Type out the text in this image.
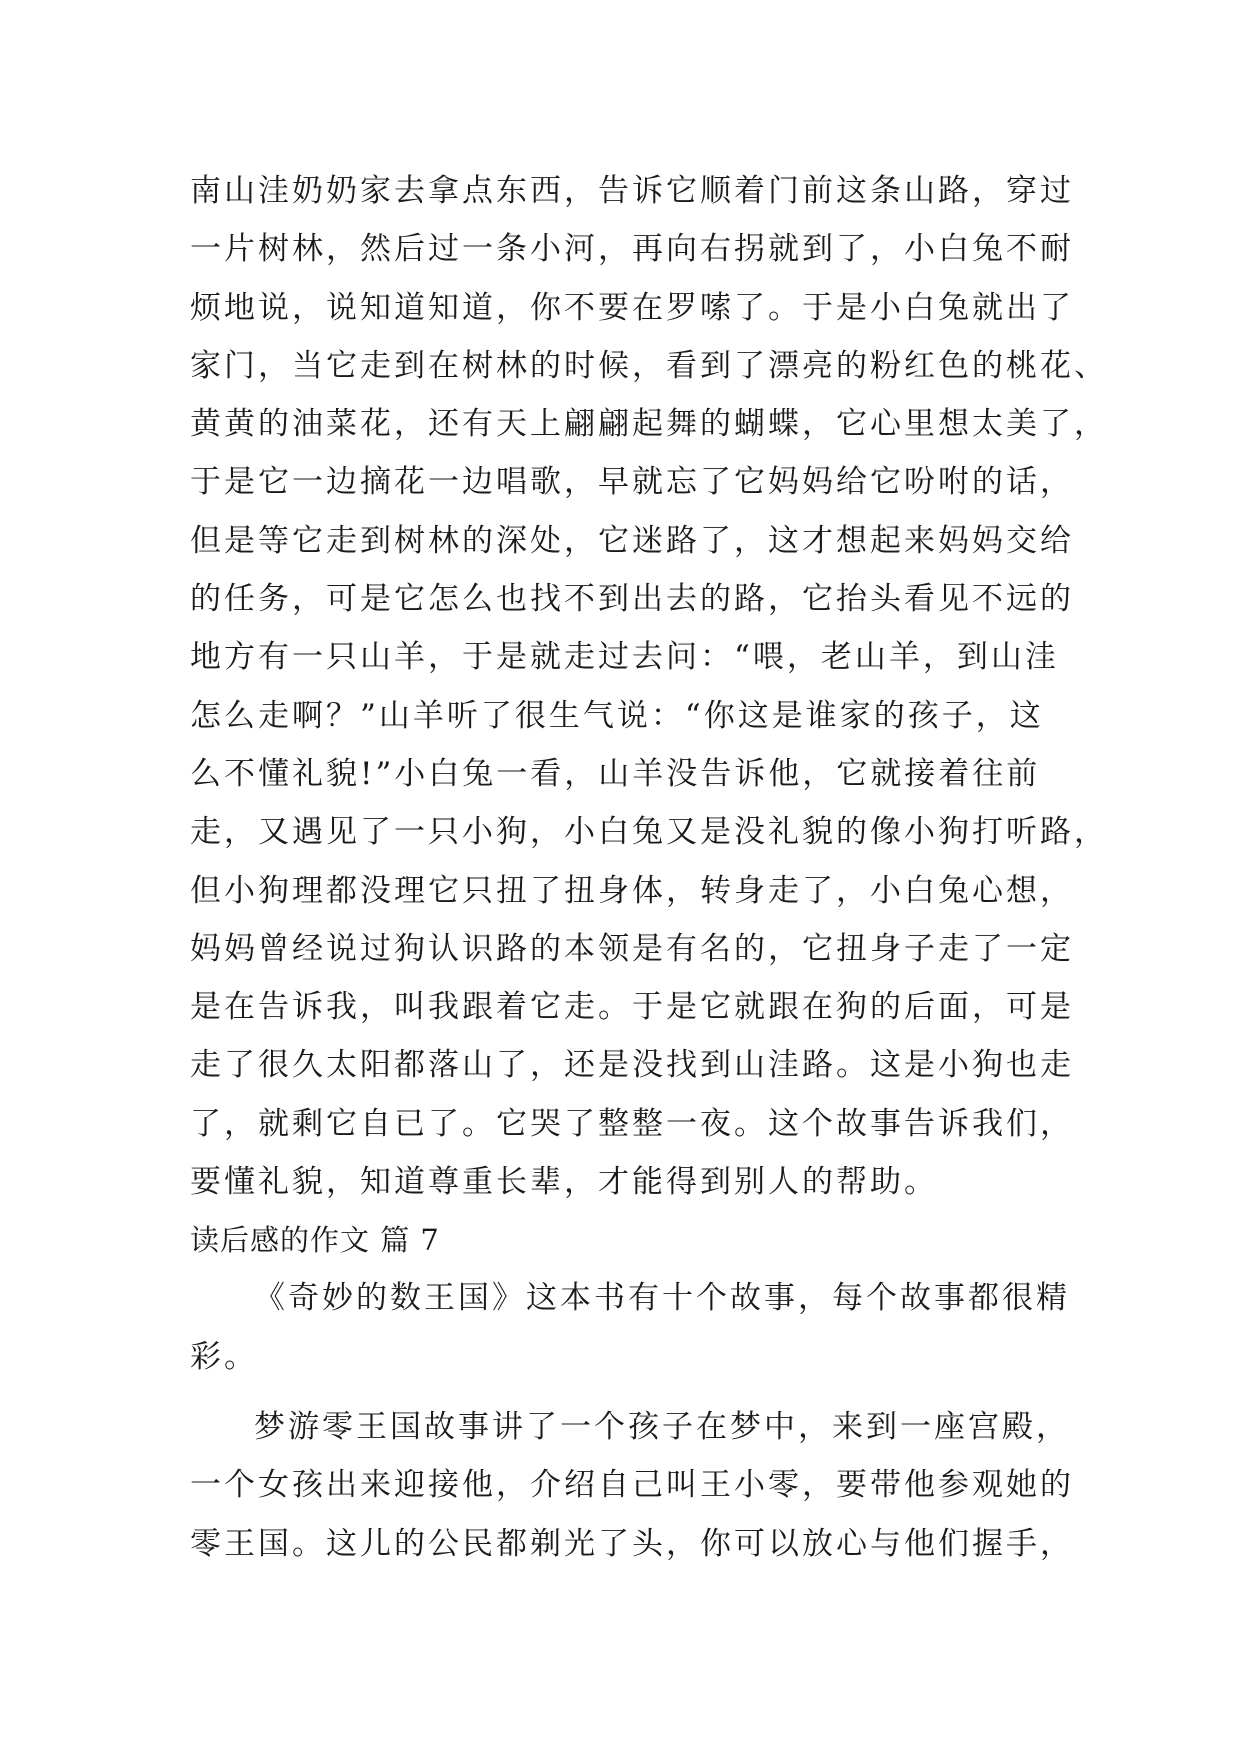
南山洼奶奶家去拿点东西，告诉它顺着门前这条山路，穿过
一片树林，然后过一条小河，再向右拐就到了，小白兔不耐
烦地说，说知道知道，你不要在罗嗦了。于是小白兔就出了
家门，当它走到在树林的时候，看到了漂亮的粉红色的桃花、
黄黄的油菜花，还有天上翩翩起舞的蝴蝶，它心里想太美了，
于是它一边摘花一边唱歌，早就忘了它妈妈给它吩咐的话，
但是等它走到树林的深处，它迷路了，这才想起来妈妈交给
的任务，可是它怎么也找不到出去的路，它抬头看见不远的
地方有一只山羊，于是就走过去问：“喂，老山羊，到山洼
怎么走啊？”山羊听了很生气说：“你这是谁家的孩子，这
么不懂礼貌!”小白兔一看，山羊没告诉他，它就接着往前
走，又遇见了一只小狗，小白兔又是没礼貌的像小狗打听路，
但小狗理都没理它只扭了扭身体，转身走了，小白兔心想，
妈妈曾经说过狗认识路的本领是有名的，它扭身子走了一定
是在告诉我，叫我跟着它走。于是它就跟在狗的后面，可是
走了很久太阳都落山了，还是没找到山洼路。这是小狗也走
了，就剩它自已了。它哭了整整一夜。这个故事告诉我们，
要懂礼貌，知道尊重长辈，才能得到别人的帮助。
读后感的作文 篇 7
《奇妙的数王国》这本书有十个故事，每个故事都很精
彩。
梦游零王国故事讲了一个孩子在梦中，来到一座宫殿，
一个女孩出来迎接他，介绍自己叫王小零，要带他参观她的
零王国。这儿的公民都剃光了头，你可以放心与他们握手，
